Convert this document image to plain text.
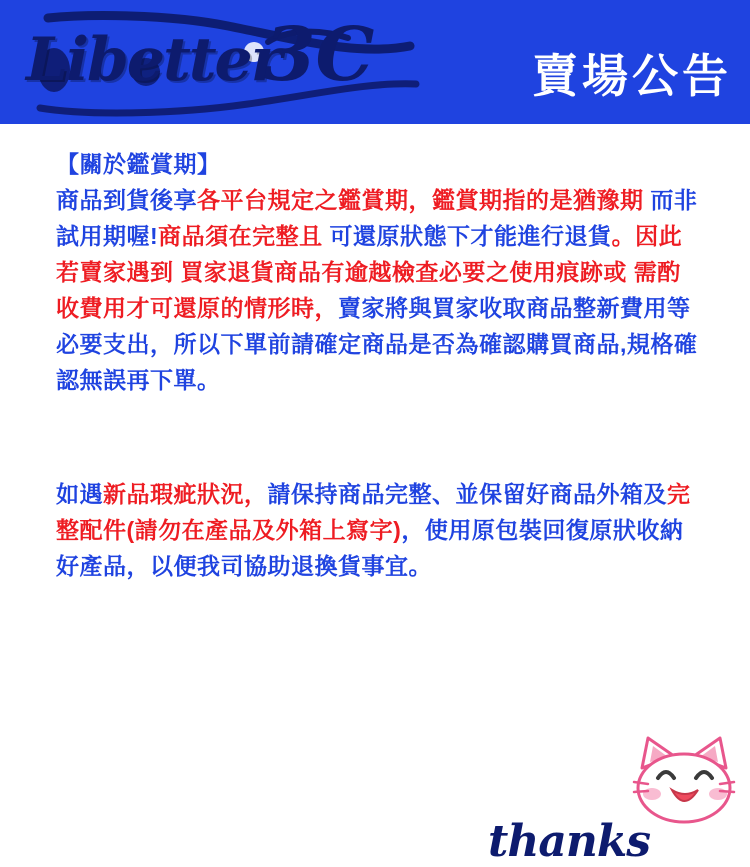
Libetter
3C	賣場公告
【關於鑑賞期】
商品到貨後享各平台規定之鑑賞期，鑑賞期指的是猶豫期 而非試用期喔!商品須在完整且 可還原狀態下才能進行退貨。因此若賣家遇到 買家退貨商品有逾越檢查必要之使用痕跡或 需酌收費用才可還原的情形時，賣家將與買家收取商品整新費用等 必要支出，所以下單前請確定商品是否為確認購買商品,規格確認無誤再下單。
如遇新品瑕疵狀況，請保持商品完整、並保留好商品外箱及完整配件(請勿在產品及外箱上寫字)，使用原包裝回復原狀收納好產品，以便我司協助退換貨事宜。
thanks
